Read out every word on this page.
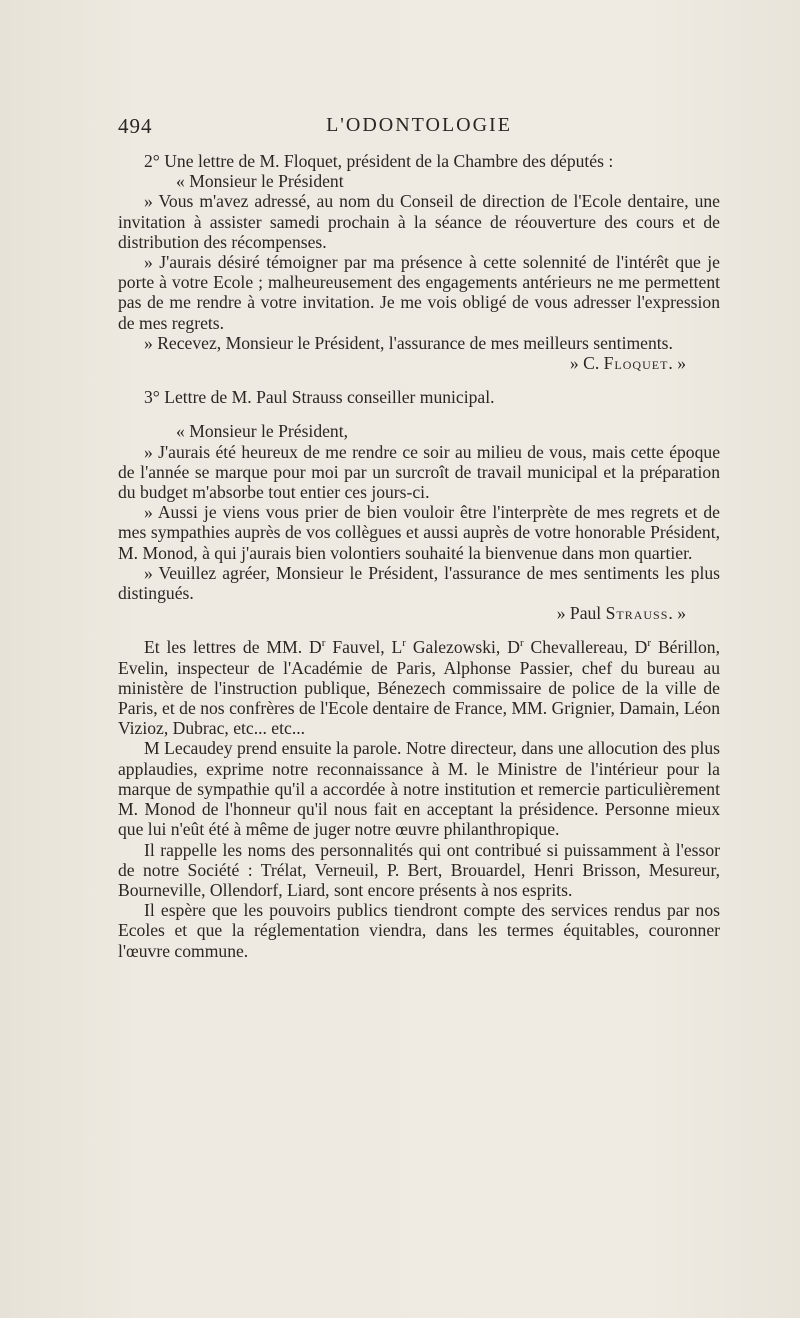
494	L'ODONTOLOGIE

2° Une lettre de M. Floquet, président de la Chambre des députés :

« Monsieur le Président

» Vous m'avez adressé, au nom du Conseil de direction de l'Ecole dentaire, une invitation à assister samedi prochain à la séance de réouverture des cours et de distribution des récompenses.

» J'aurais désiré témoigner par ma présence à cette solennité de l'intérêt que je porte à votre Ecole ; malheureusement des engagements antérieurs ne me permettent pas de me rendre à votre invitation. Je me vois obligé de vous adresser l'expression de mes regrets.

» Recevez, Monsieur le Président, l'assurance de mes meilleurs sentiments.

» C. Floquet. »

3° Lettre de M. Paul Strauss conseiller municipal.

« Monsieur le Président,

» J'aurais été heureux de me rendre ce soir au milieu de vous, mais cette époque de l'année se marque pour moi par un surcroît de travail municipal et la préparation du budget m'absorbe tout entier ces jours-ci.

» Aussi je viens vous prier de bien vouloir être l'interprète de mes regrets et de mes sympathies auprès de vos collègues et aussi auprès de votre honorable Président, M. Monod, à qui j'aurais bien volontiers souhaité la bienvenue dans mon quartier.

» Veuillez agréer, Monsieur le Président, l'assurance de mes sentiments les plus distingués.

» Paul Strauss. »

Et les lettres de MM. $D^r$ Fauvel, $L^r$ Galezowski, $D^r$ Chevallereau, $D^r$ Bérillon, Evelin, inspecteur de l'Académie de Paris, Alphonse Passier, chef du bureau au ministère de l'instruction publique, Bénezech commissaire de police de la ville de Paris, et de nos confrères de l'Ecole dentaire de France, MM. Grignier, Damain, Léon Vizioz, Dubrac, etc... etc...

M Lecaudey prend ensuite la parole. Notre directeur, dans une allocution des plus applaudies, exprime notre reconnaissance à M. le Ministre de l'intérieur pour la marque de sympathie qu'il a accordée à notre institution et remercie particulièrement M. Monod de l'honneur qu'il nous fait en acceptant la présidence. Personne mieux que lui n'eût été à même de juger notre œuvre philanthropique.

Il rappelle les noms des personnalités qui ont contribué si puissamment à l'essor de notre Société : Trélat, Verneuil, P. Bert, Brouardel, Henri Brisson, Mesureur, Bourneville, Ollendorf, Liard, sont encore présents à nos esprits.

Il espère que les pouvoirs publics tiendront compte des services rendus par nos Ecoles et que la réglementation viendra, dans les termes équitables, couronner l'œuvre commune.
